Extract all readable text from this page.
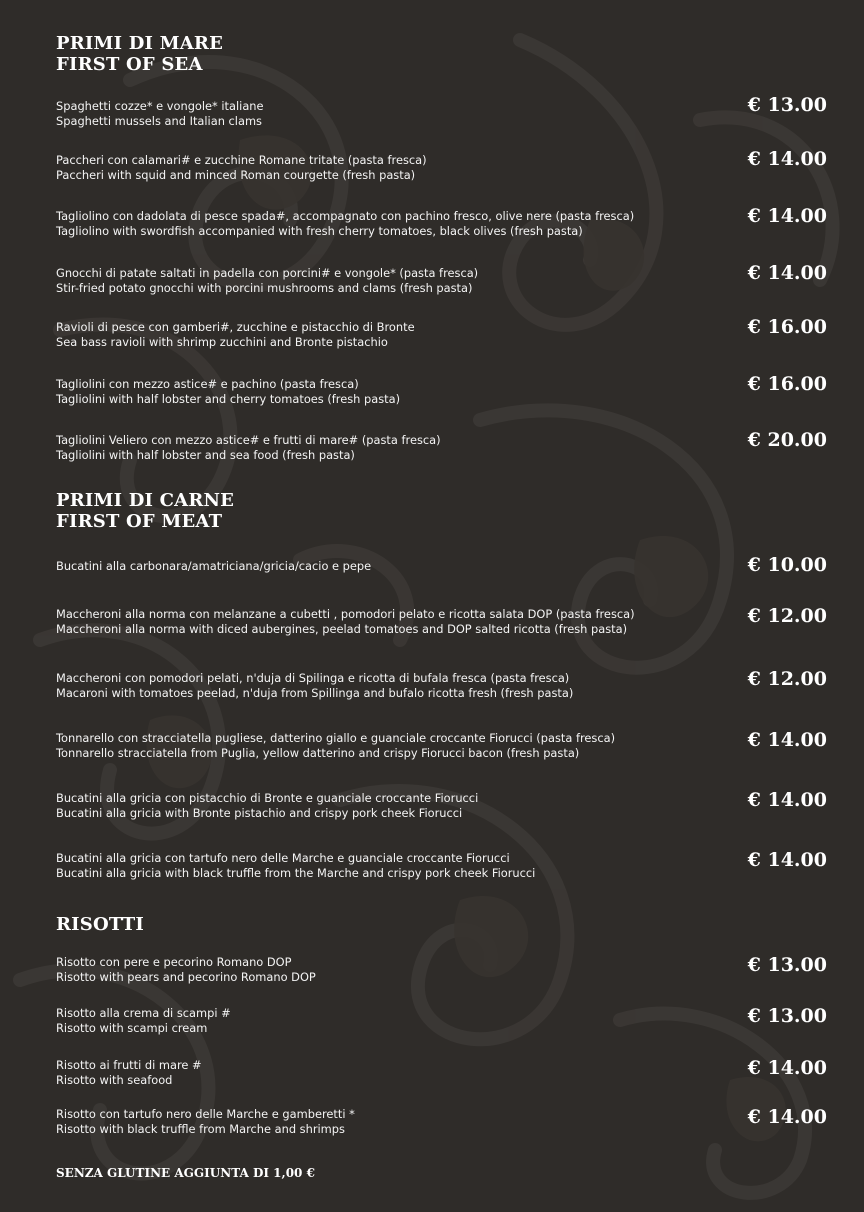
PRIMI DI MARE
FIRST OF SEA
Spaghetti cozze* e vongole* italiane
Spaghetti mussels and Italian clams
€ 13.00
Paccheri con calamari# e zucchine Romane tritate (pasta fresca)
Paccheri with squid and minced Roman courgette (fresh pasta)
€ 14.00
Tagliolino con dadolata di pesce spada#, accompagnato con pachino fresco, olive nere (pasta fresca)
Tagliolino with swordfish accompanied with fresh cherry tomatoes, black olives (fresh pasta)
€ 14.00
Gnocchi di patate saltati in padella con porcini# e vongole* (pasta fresca)
Stir-fried potato gnocchi with porcini mushrooms and clams (fresh pasta)
€ 14.00
Ravioli di pesce con gamberi#, zucchine e pistacchio di Bronte
Sea bass ravioli with shrimp zucchini and Bronte pistachio
€ 16.00
Tagliolini con mezzo astice# e pachino (pasta fresca)
Tagliolini with half lobster and cherry tomatoes (fresh pasta)
€ 16.00
Tagliolini Veliero con mezzo astice# e frutti di mare# (pasta fresca)
Tagliolini with half lobster and sea food (fresh pasta)
€ 20.00
PRIMI DI CARNE
FIRST OF MEAT
Bucatini alla carbonara/amatriciana/gricia/cacio e pepe	€ 10.00
Maccheroni alla norma con melanzane a cubetti , pomodori pelato e ricotta salata DOP (pasta fresca)
Maccheroni alla norma with diced aubergines, peelad tomatoes and DOP salted ricotta (fresh pasta)
€ 12.00
Maccheroni con pomodori pelati, n'duja di Spilinga e ricotta di bufala fresca (pasta fresca)
Macaroni with tomatoes peelad, n'duja from Spillinga and bufalo ricotta fresh (fresh pasta)
€ 12.00
Tonnarello con stracciatella pugliese, datterino giallo e guanciale croccante Fiorucci (pasta fresca)
Tonnarello stracciatella from Puglia, yellow datterino and crispy Fiorucci bacon (fresh pasta)
€ 14.00
Bucatini alla gricia con pistacchio di Bronte e guanciale croccante Fiorucci
Bucatini alla gricia with Bronte pistachio and crispy pork cheek Fiorucci
€ 14.00
Bucatini alla gricia con tartufo nero delle Marche e guanciale croccante Fiorucci
Bucatini alla gricia with black truffle from the Marche and crispy pork cheek Fiorucci
€ 14.00
RISOTTI
Risotto con pere e pecorino Romano DOP
Risotto with pears and pecorino Romano DOP
€ 13.00
Risotto alla crema di scampi #
Risotto with scampi cream
€ 13.00
Risotto ai frutti di mare #
Risotto with seafood
€ 14.00
Risotto con tartufo nero delle Marche e gamberetti *
Risotto with black truffle from Marche and shrimps
€ 14.00
SENZA GLUTINE AGGIUNTA DI 1,00 €
